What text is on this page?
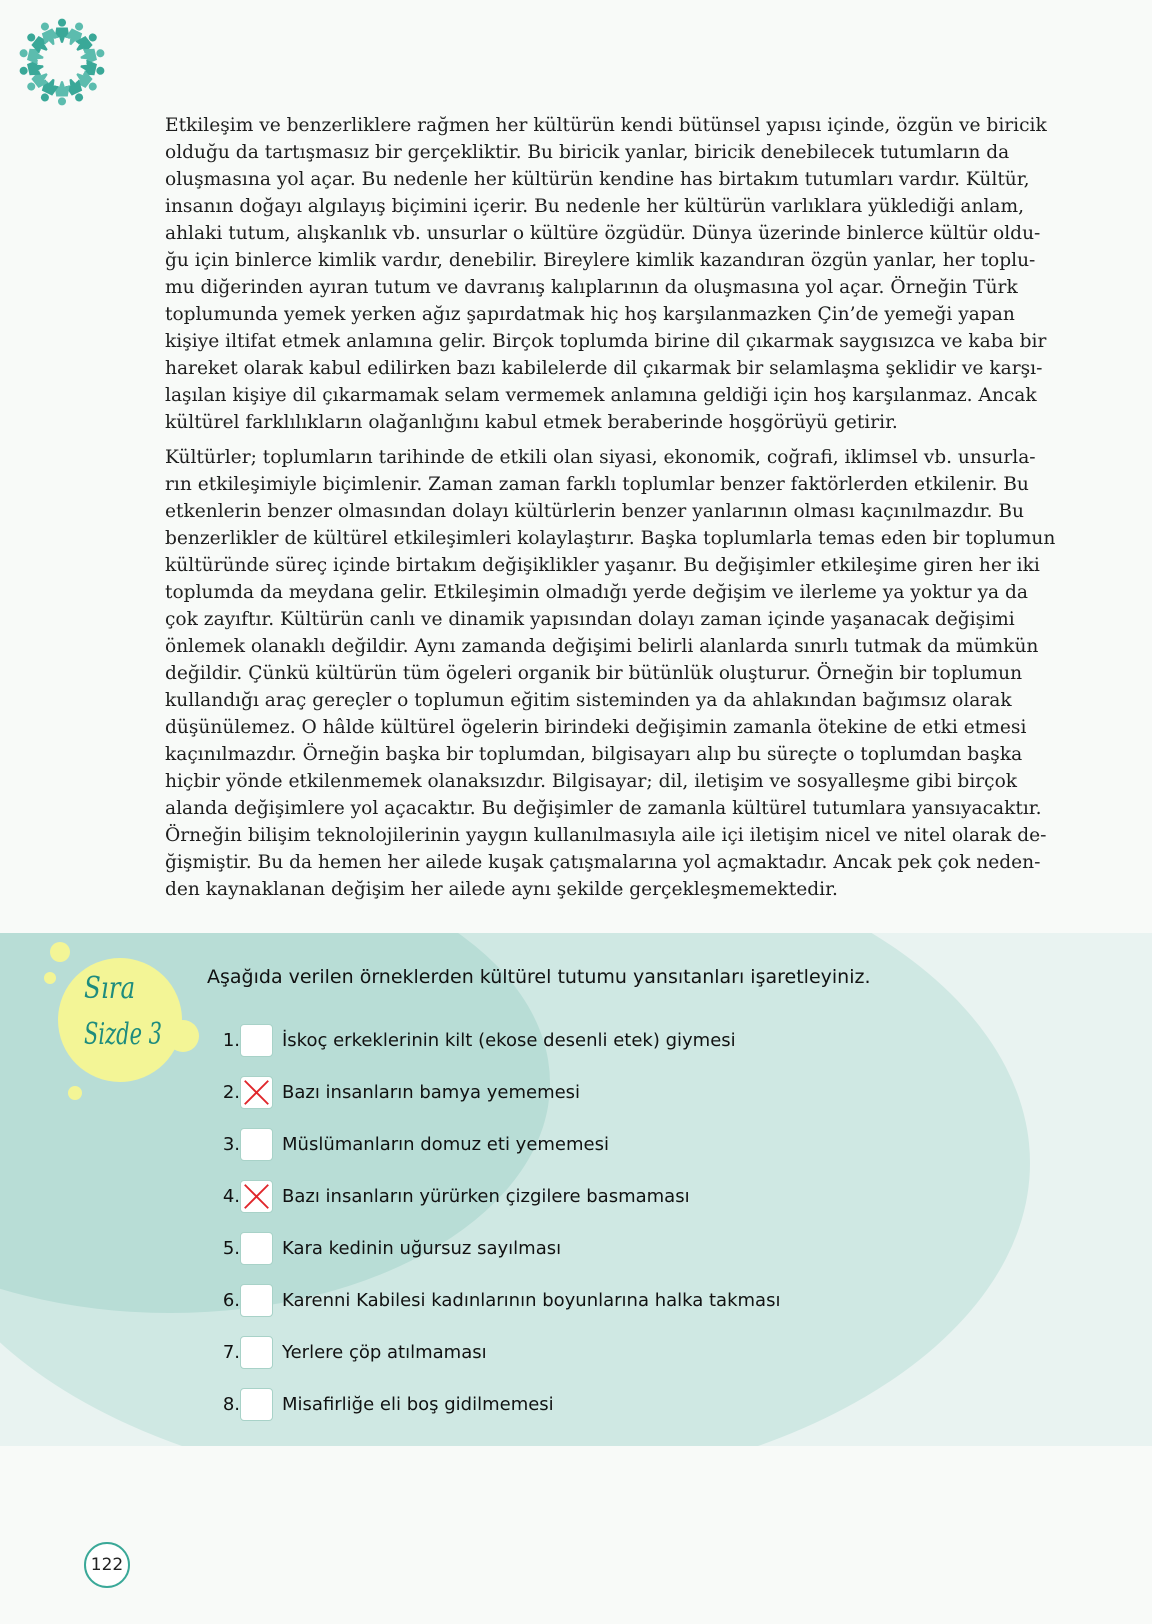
Etkileşim ve benzerliklere rağmen her kültürün kendi bütünsel yapısı içinde, özgün ve biricik
olduğu da tartışmasız bir gerçekliktir. Bu biricik yanlar, biricik denebilecek tutumların da
oluşmasına yol açar. Bu nedenle her kültürün kendine has birtakım tutumları vardır. Kültür,
insanın doğayı algılayış biçimini içerir. Bu nedenle her kültürün varlıklara yüklediği anlam,
ahlaki tutum, alışkanlık vb. unsurlar o kültüre özgüdür. Dünya üzerinde binlerce kültür oldu-
ğu için binlerce kimlik vardır, denebilir. Bireylere kimlik kazandıran özgün yanlar, her toplu-
mu diğerinden ayıran tutum ve davranış kalıplarının da oluşmasına yol açar. Örneğin Türk
toplumunda yemek yerken ağız şapırdatmak hiç hoş karşılanmazken Çin’de yemeği yapan
kişiye iltifat etmek anlamına gelir. Birçok toplumda birine dil çıkarmak saygısızca ve kaba bir
hareket olarak kabul edilirken bazı kabilelerde dil çıkarmak bir selamlaşma şeklidir ve karşı-
laşılan kişiye dil çıkarmamak selam vermemek anlamına geldiği için hoş karşılanmaz. Ancak
kültürel farklılıkların olağanlığını kabul etmek beraberinde hoşgörüyü getirir.
Kültürler; toplumların tarihinde de etkili olan siyasi, ekonomik, coğrafi, iklimsel vb. unsurla-
rın etkileşimiyle biçimlenir. Zaman zaman farklı toplumlar benzer faktörlerden etkilenir. Bu
etkenlerin benzer olmasından dolayı kültürlerin benzer yanlarının olması kaçınılmazdır. Bu
benzerlikler de kültürel etkileşimleri kolaylaştırır. Başka toplumlarla temas eden bir toplumun
kültüründe süreç içinde birtakım değişiklikler yaşanır. Bu değişimler etkileşime giren her iki
toplumda da meydana gelir. Etkileşimin olmadığı yerde değişim ve ilerleme ya yoktur ya da
çok zayıftır. Kültürün canlı ve dinamik yapısından dolayı zaman içinde yaşanacak değişimi
önlemek olanaklı değildir. Aynı zamanda değişimi belirli alanlarda sınırlı tutmak da mümkün
değildir. Çünkü kültürün tüm ögeleri organik bir bütünlük oluşturur. Örneğin bir toplumun
kullandığı araç gereçler o toplumun eğitim sisteminden ya da ahlakından bağımsız olarak
düşünülemez. O hâlde kültürel ögelerin birindeki değişimin zamanla ötekine de etki etmesi
kaçınılmazdır. Örneğin başka bir toplumdan, bilgisayarı alıp bu süreçte o toplumdan başka
hiçbir yönde etkilenmemek olanaksızdır. Bilgisayar; dil, iletişim ve sosyalleşme gibi birçok
alanda değişimlere yol açacaktır. Bu değişimler de zamanla kültürel tutumlara yansıyacaktır.
Örneğin bilişim teknolojilerinin yaygın kullanılmasıyla aile içi iletişim nicel ve nitel olarak de-
ğişmiştir. Bu da hemen her ailede kuşak çatışmalarına yol açmaktadır. Ancak pek çok neden-
den kaynaklanan değişim her ailede aynı şekilde gerçekleşmemektedir.
Sıra
Sizde 3
Aşağıda verilen örneklerden kültürel tutumu yansıtanları işaretleyiniz.
1. İskoç erkeklerinin kilt (ekose desenli etek) giymesi
2. Bazı insanların bamya yememesi
3. Müslümanların domuz eti yememesi
4. Bazı insanların yürürken çizgilere basmaması
5. Kara kedinin uğursuz sayılması
6. Karenni Kabilesi kadınlarının boyunlarına halka takması
7. Yerlere çöp atılmaması
8. Misafirliğe eli boş gidilmemesi
122
